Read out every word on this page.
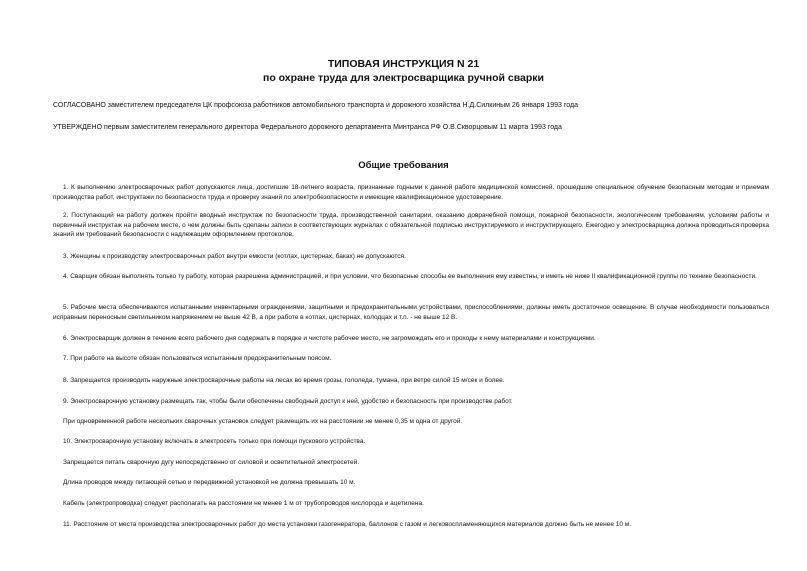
ТИПОВАЯ ИНСТРУКЦИЯ N 21
по охране труда для электросварщика ручной сварки
СОГЛАСОВАНО заместителем председателя ЦК профсоюза работников автомобильного транспорта и дорожного хозяйства Н.Д.Силкиным 26 января 1993 года
УТВЕРЖДЕНО первым заместителем генерального директора Федерального дорожного департамента Минтранса РФ О.В.Скворцовым 11 марта 1993 года
Общие требования
1. К выполнению электросварочных работ допускаются лица, достигшие 18-летнего возраста, признанные годными к данной работе медицинской комиссией, прошедшие специальное обучение безопасным методам и приемам производства работ, инструктажи по безопасности труда и проверку знаний по электробезопасности и имеющие квалификационное удостоверение.
2. Поступающий на работу должен пройти вводный инструктаж по безопасности труда, производственной санитарии, оказанию доврачебной помощи, пожарной безопасности, экологическим требованиям, условиям работы и первичный инструктаж на рабочем месте, о чем должны быть сделаны записи в соответствующих журналах с обязательной подписью инструктируемого и инструктирующего. Ежегодно у электросварщика должна проводиться проверка знаний им требований безопасности с надлежащим оформлением протоколов.
3. Женщины к производству электросварочных работ внутри емкости (котлах, цистернах, баках) не допускаются.
4. Сварщик обязан выполнять только ту работу, которая разрешена администрацией, и при условии, что безопасные способы ее выполнения ему известны, и иметь не ниже II квалификационной группы по технике безопасности.
5. Рабочие места обеспечиваются испытанными инвентарными ограждениями, защитными и предохранительными устройствами, приспособлениями, должны иметь достаточное освещение. В случае необходимости пользоваться исправным переносным светильником напряжением не выше 42 В, а при работе в котлах, цистернах, колодцах и т.п. - не выше 12 В.
6. Электросварщик должен в течение всего рабочего дня содержать в порядке и чистоте рабочее место, не загромождать его и проходы к нему материалами и конструкциями.
7. При работе на высоте обязан пользоваться испытанным предохранительным поясом.
8. Запрещается производить наружные электросварочные работы на лесах во время грозы, гололеда, тумана, при ветре силой 15 м/сек и более.
9. Электросварочную установку размещать так, чтобы были обеспечены свободный доступ к ней, удобство и безопасность при производстве работ.
При одновременной работе нескольких сварочных установок следует размещать их на расстоянии не менее 0,35 м одна от другой.
10. Электросварочную установку включать в электросеть только при помощи пускового устройства.
Запрещается питать сварочную дугу непосредственно от силовой и осветительной электросетей.
Длина проводов между питающей сетью и передвижной установкой не должна превышать 10 м.
Кабель (электропроводка) следует располагать на расстоянии не менее 1 м от трубопроводов кислорода и ацетилена.
11. Расстояние от места производства электросварочных работ до места установки газогенератора, баллонов с газом и легковоспламеняющихся материалов должно быть не менее 10 м.
